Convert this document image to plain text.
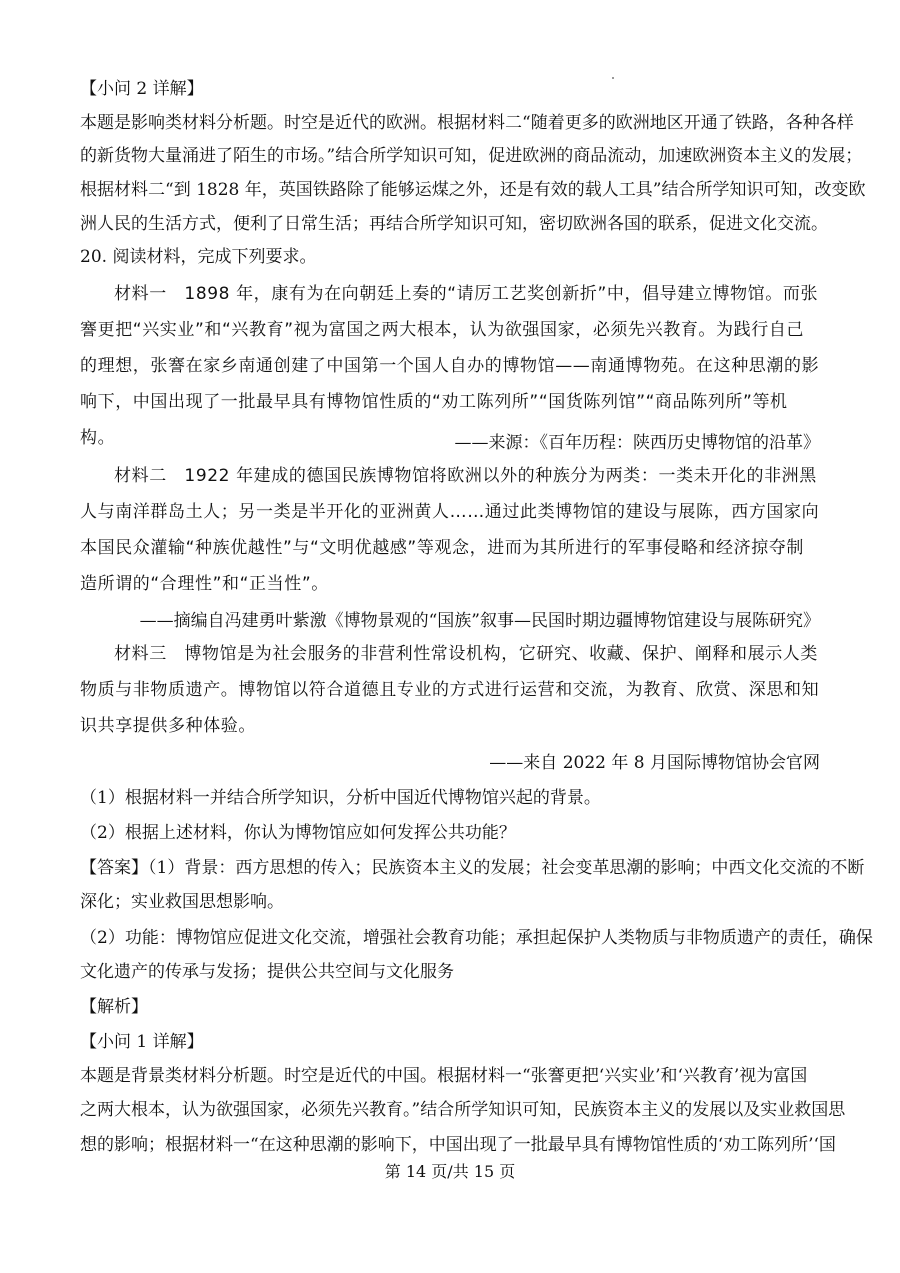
【小问 2 详解】
本题是影响类材料分析题。时空是近代的欧洲。根据材料二“随着更多的欧洲地区开通了铁路，各种各样
的新货物大量涌进了陌生的市场。”结合所学知识可知，促进欧洲的商品流动，加速欧洲资本主义的发展；
根据材料二“到 1828 年，英国铁路除了能够运煤之外，还是有效的载人工具”结合所学知识可知，改变欧
洲人民的生活方式，便利了日常生活；再结合所学知识可知，密切欧洲各国的联系，促进文化交流。
20. 阅读材料，完成下列要求。
材料一　1898 年，康有为在向朝廷上奏的“请厉工艺奖创新折”中，倡导建立博物馆。而张謇更把“兴实业”和“兴教育”视为富国之两大根本，认为欲强国家，必须先兴教育。为践行自己的理想，张謇在家乡南通创建了中国第一个国人自办的博物馆——南通博物苑。在这种思潮的影响下，中国出现了一批最早具有博物馆性质的“劝工陈列所”“国货陈列馆”“商品陈列所”等机构。	——来源：《百年历程：陕西历史博物馆的沿革》
材料二　1922 年建成的德国民族博物馆将欧洲以外的种族分为两类：一类未开化的非洲黑人与南洋群岛土人；另一类是半开化的亚洲黄人……通过此类博物馆的建设与展陈，西方国家向本国民众灌输“种族优越性”与“文明优越感”等观念，进而为其所进行的军事侵略和经济掠夺制造所谓的“合理性”和“正当性”。
——摘编自冯建勇叶紫激《博物景观的“国族”叙事—民国时期边疆博物馆建设与展陈研究》
材料三　博物馆是为社会服务的非营利性常设机构，它研究、收藏、保护、阐释和展示人类物质与非物质遗产。博物馆以符合道德且专业的方式进行运营和交流，为教育、欣赏、深思和知识共享提供多种体验。
——来自 2022 年 8 月国际博物馆协会官网
（1）根据材料一并结合所学知识，分析中国近代博物馆兴起的背景。
（2）根据上述材料，你认为博物馆应如何发挥公共功能？
【答案】（1）背景：西方思想的传入；民族资本主义的发展；社会变革思潮的影响；中西文化交流的不断
深化；实业救国思想影响。
（2）功能：博物馆应促进文化交流，增强社会教育功能；承担起保护人类物质与非物质遗产的责任，确保
文化遗产的传承与发扬；提供公共空间与文化服务
【解析】
【小问 1 详解】
本题是背景类材料分析题。时空是近代的中国。根据材料一“张謇更把‘兴实业’和‘兴教育’视为富国
之两大根本，认为欲强国家，必须先兴教育。”结合所学知识可知，民族资本主义的发展以及实业救国思
想的影响；根据材料一“在这种思潮的影响下，中国出现了一批最早具有博物馆性质的‘劝工陈列所’‘国
第 14 页/共 15 页
